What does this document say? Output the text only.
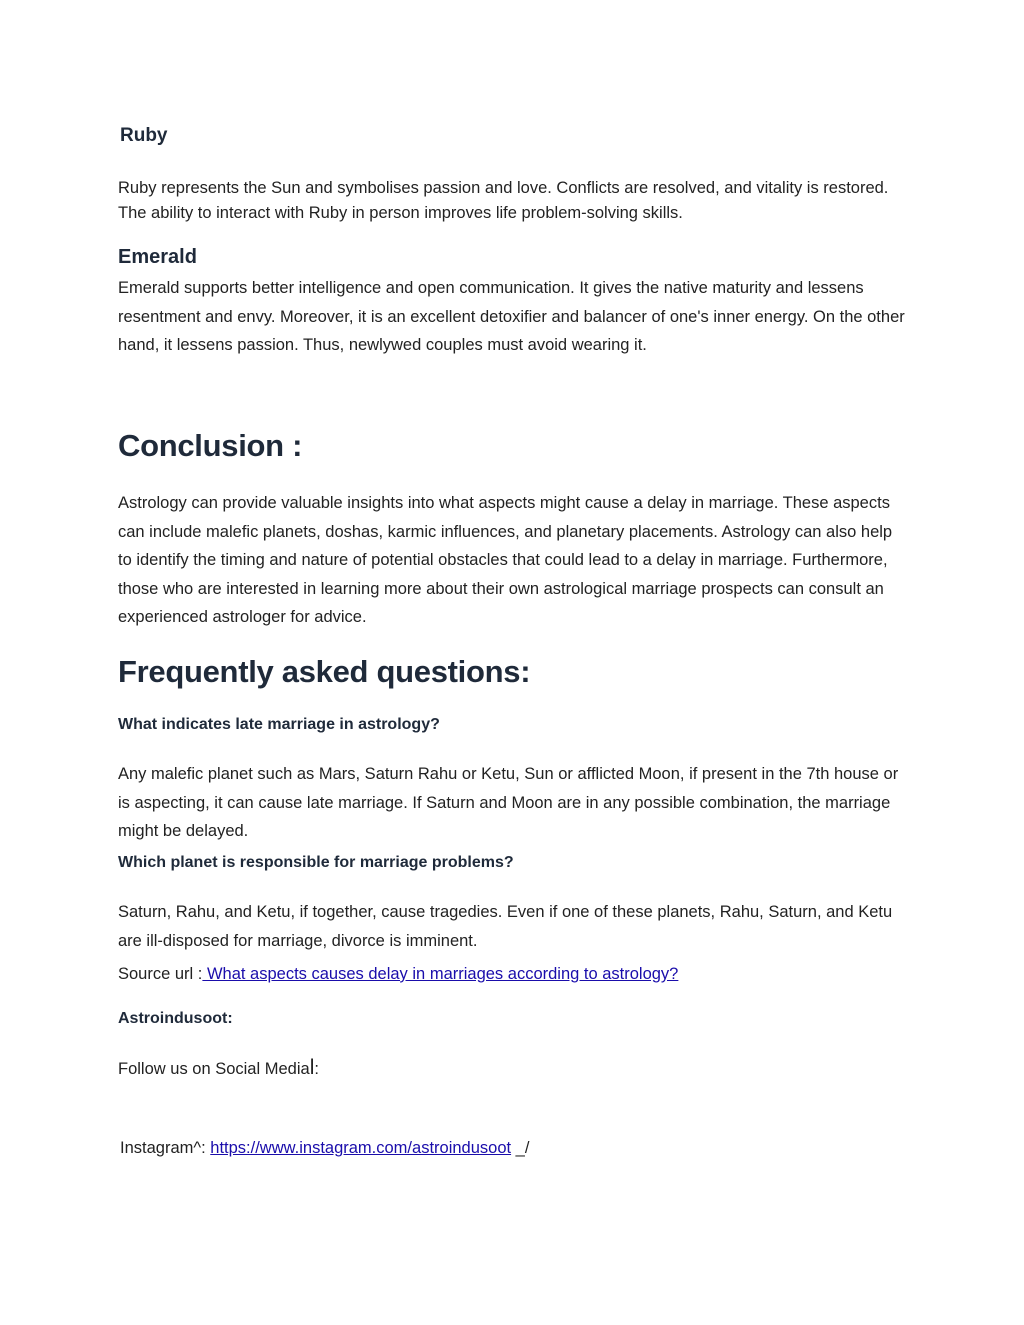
Ruby

Ruby represents the Sun and symbolises passion and love. Conflicts are resolved, and vitality is restored. The ability to interact with Ruby in person improves life problem-solving skills.

Emerald

Emerald supports better intelligence and open communication. It gives the native maturity and lessens resentment and envy. Moreover, it is an excellent detoxifier and balancer of one's inner energy. On the other hand, it lessens passion. Thus, newlywed couples must avoid wearing it.

Conclusion :

Astrology can provide valuable insights into what aspects might cause a delay in marriage. These aspects can include malefic planets, doshas, karmic influences, and planetary placements. Astrology can also help to identify the timing and nature of potential obstacles that could lead to a delay in marriage. Furthermore, those who are interested in learning more about their own astrological marriage prospects can consult an experienced astrologer for advice.

Frequently asked questions:
What indicates late marriage in astrology?

Any malefic planet such as Mars, Saturn Rahu or Ketu, Sun or afflicted Moon, if present in the 7th house or is aspecting, it can cause late marriage. If Saturn and Moon are in any possible combination, the marriage might be delayed.

Which planet is responsible for marriage problems?

Saturn, Rahu, and Ketu, if together, cause tragedies. Even if one of these planets, Rahu, Saturn, and Ketu are ill-disposed for marriage, divorce is imminent.

Source url : What aspects causes delay in marriages according to astrology?
Astroindusoot:
Follow us on Social Medial:
Instagram^: https://www.instagram.com/astroindusoot _/
